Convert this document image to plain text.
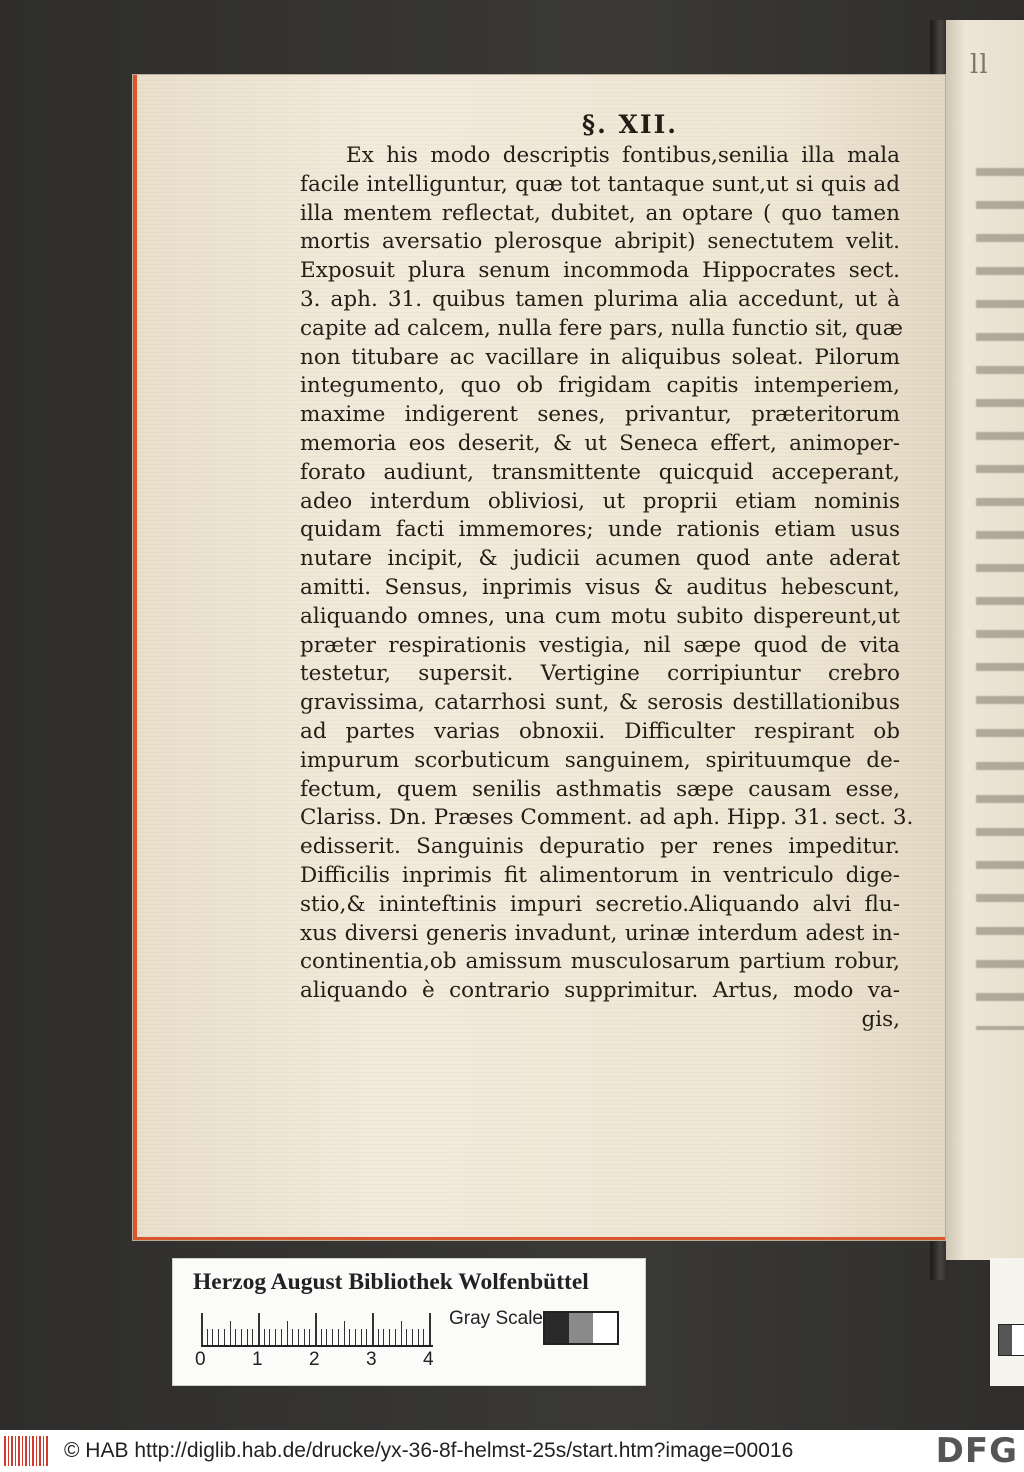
ll
§. XII.
Ex his modo descriptis fontibus,senilia illa mala
facile intelliguntur, quæ tot tantaque sunt,ut si quis ad
illa mentem reflectat, dubitet, an optare ( quo tamen
mortis aversatio plerosque abripit) senectutem velit.
Exposuit plura senum incommoda Hippocrates sect.
3. aph. 31. quibus tamen plurima alia accedunt, ut à
capite ad calcem, nulla fere pars, nulla functio sit, quæ
non titubare ac vacillare in aliquibus soleat. Pilorum
integumento, quo ob frigidam capitis intemperiem,
maxime indigerent senes, privantur, præteritorum
memoria eos deserit, & ut Seneca effert, animoper-
forato audiunt, transmittente quicquid acceperant,
adeo interdum obliviosi, ut proprii etiam nominis
quidam facti immemores; unde rationis etiam usus
nutare incipit, & judicii acumen quod ante aderat
amitti. Sensus, inprimis visus & auditus hebescunt,
aliquando omnes, una cum motu subito dispereunt,ut
præter respirationis vestigia, nil sæpe quod de vita
testetur, supersit. Vertigine corripiuntur crebro
gravissima, catarrhosi sunt, & serosis destillationibus
ad partes varias obnoxii. Difficulter respirant ob
impurum scorbuticum sanguinem, spirituumque de-
fectum, quem senilis asthmatis sæpe causam esse,
Clariss. Dn. Præses Comment. ad aph. Hipp. 31. sect. 3.
edisserit. Sanguinis depuratio per renes impeditur.
Difficilis inprimis fit alimentorum in ventriculo dige-
stio,& ininteftinis impuri secretio.Aliquando alvi flu-
xus diversi generis invadunt, urinæ interdum adest in-
continentia,ob amissum musculosarum partium robur,
aliquando è contrario supprimitur. Artus, modo va-
gis,
Herzog August Bibliothek Wolfenbüttel
0 1 2 3 4
Gray Scale
© HAB http://diglib.hab.de/drucke/yx-36-8f-helmst-25s/start.htm?image=00016	DFG
